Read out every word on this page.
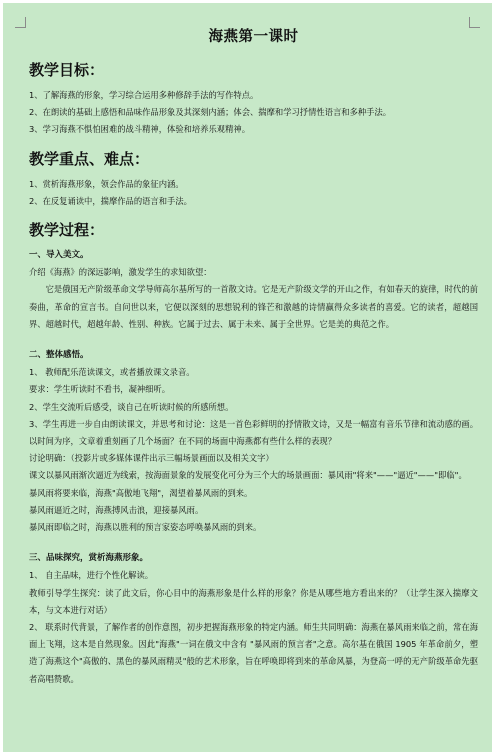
海燕第一课时
教学目标：

1、了解海燕的形象，学习综合运用多种修辞手法的写作特点。

2、在朗读的基础上感悟和品味作品形象及其深刻内涵；体会、揣摩和学习抒情性语言和多种手法。

3、学习海燕不惧怕困难的战斗精神，体验和培养乐观精神。

教学重点、难点：

1、赏析海燕形象，领会作品的象征内涵。

2、在反复诵读中，揣摩作品的语言和手法。

教学过程：

一、导入美文。

介绍《海燕》的深远影响，激发学生的求知欲望：

它是俄国无产阶级革命文学导师高尔基所写的一首散文诗。它是无产阶级文学的开山之作，有如春天的旋律，时代的前奏曲，革命的宣言书。自问世以来，它便以深刻的思想锐利的锋芒和激越的诗情赢得众多读者的喜爱。它的读者，超越国界、超越时代，超越年龄、性别、种族。它属于过去、属于未来、属于全世界。它是美的典范之作。

二、整体感悟。

1、 教师配乐范读课文，或者播放课文录音。

要求：学生听读时不看书，凝神细听。

2、学生交流听后感受，谈自己在听读时候的所感所想。

3、学生再进一步自由朗读课文，并思考和讨论：这是一首色彩鲜明的抒情散文诗，又是一幅富有音乐节律和流动感的画。以时间为序，文章着重刻画了几个场面？在不同的场面中海燕都有些什么样的表现？

讨论明确：（投影片或多媒体课件出示三幅场景画面以及相关文字）

课文以暴风雨渐次逼近为线索，按海面景象的发展变化可分为三个大的场景画面：暴风雨"将来"——"逼近"——"即临"。

暴风雨将要来临，海燕"高傲地飞翔"，渴望着暴风雨的到来。

暴风雨逼近之时，海燕搏风击浪，迎接暴风雨。

暴风雨即临之时，海燕以胜利的预言家姿态呼唤暴风雨的到来。

三、品味探究，赏析海燕形象。

1、 自主品味，进行个性化解读。

教师引导学生探究：读了此文后，你心目中的海燕形象是什么样的形象？你是从哪些地方看出来的？（让学生深入揣摩文本，与文本进行对话）

2、 联系时代背景，了解作者的创作意图，初步把握海燕形象的特定内涵。师生共同明确：海燕在暴风雨来临之前，常在海面上飞翔，这本是自然现象。因此"海燕"一词在俄文中含有 "暴风雨的预言者"之意。高尔基在俄国 1905 年革命前夕，塑造了海燕这个"高傲的、黑色的暴风雨精灵"般的艺术形象，旨在呼唤即将到来的革命风暴，为登高一呼的无产阶级革命先驱者高唱赞歌。
